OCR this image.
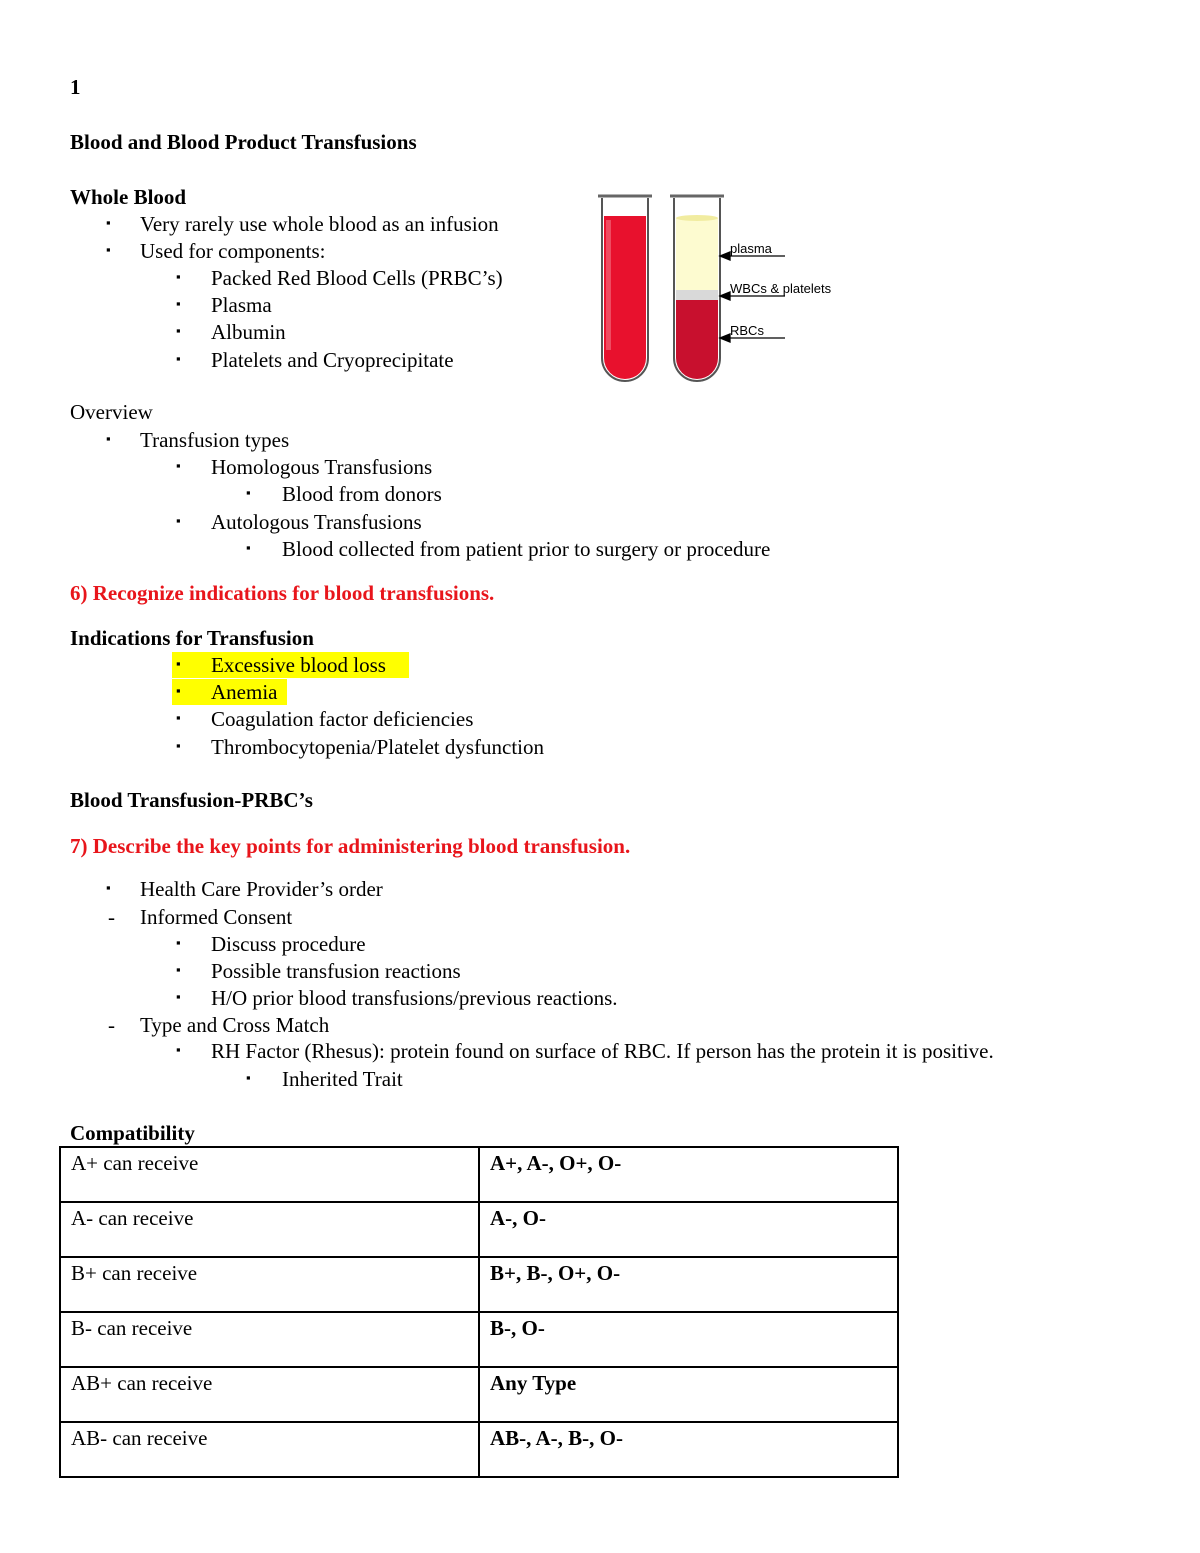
1
Blood and Blood Product Transfusions
Whole Blood
▪ Very rarely use whole blood as an infusion
▪ Used for components:
▪ Packed Red Blood Cells (PRBC’s)
▪ Plasma
▪ Albumin
▪ Platelets and Cryoprecipitate
plasma
WBCs & platelets
RBCs
Overview
▪ Transfusion types
▪ Homologous Transfusions
▪ Blood from donors
▪ Autologous Transfusions
▪ Blood collected from patient prior to surgery or procedure
6) Recognize indications for blood transfusions.
Indications for Transfusion
▪ Excessive blood loss
▪ Anemia
▪ Coagulation factor deficiencies
▪ Thrombocytopenia/Platelet dysfunction
Blood Transfusion-PRBC’s
7) Describe the key points for administering blood transfusion.
▪ Health Care Provider’s order
- Informed Consent
▪ Discuss procedure
▪ Possible transfusion reactions
▪ H/O prior blood transfusions/previous reactions.
- Type and Cross Match
▪ RH Factor (Rhesus): protein found on surface of RBC. If person has the protein it is positive.
▪ Inherited Trait
Compatibility
A+ can receive	A+, A-, O+, O-
A- can receive	A-, O-
B+ can receive	B+, B-, O+, O-
B- can receive	B-, O-
AB+ can receive	Any Type
AB- can receive	AB-, A-, B-, O-
